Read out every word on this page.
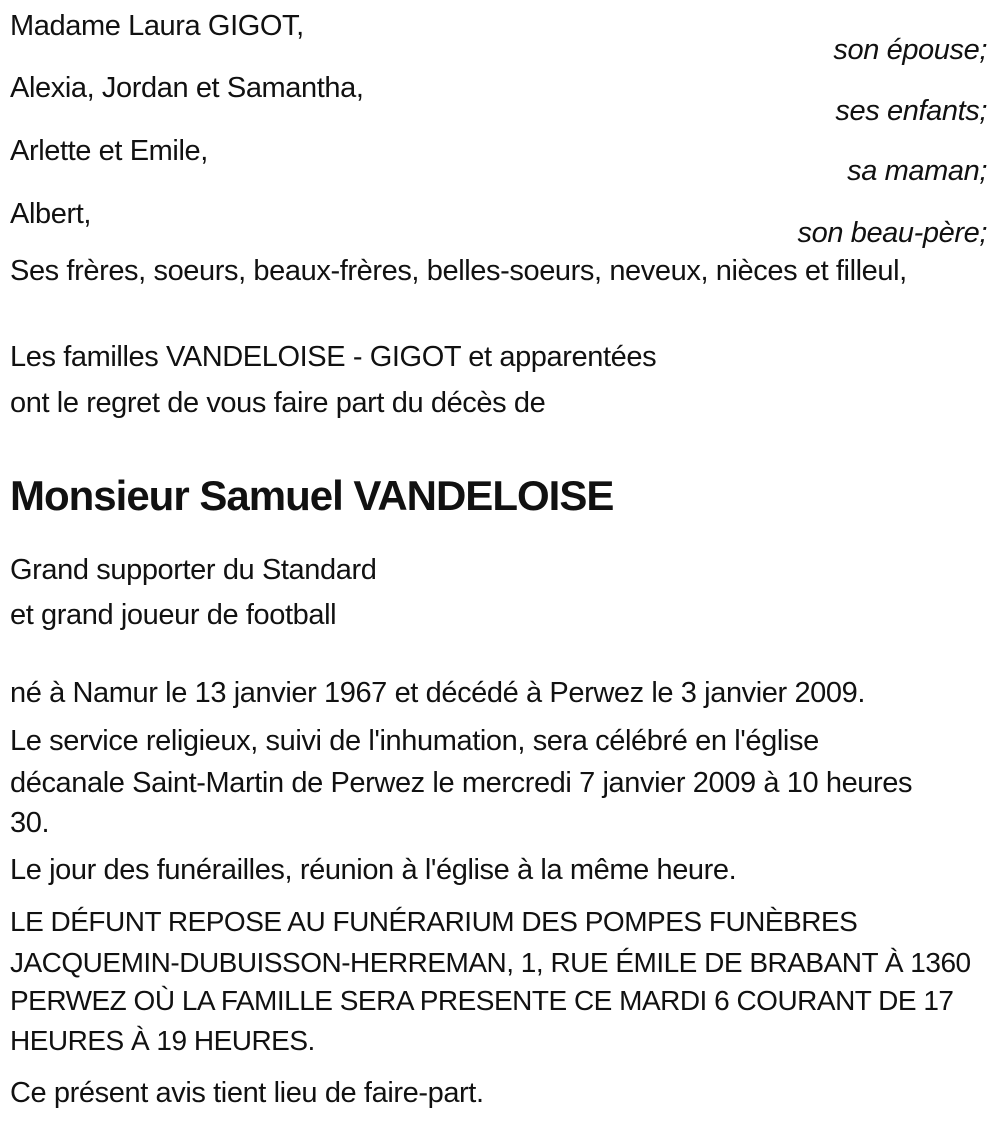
Madame Laura GIGOT,

son épouse;

Alexia, Jordan et Samantha,

ses enfants;

Arlette et Emile,

sa maman;

Albert,

son beau-père;

Ses frères, soeurs, beaux-frères, belles-soeurs, neveux, nièces et filleul,

Les familles VANDELOISE - GIGOT et apparentées

ont le regret de vous faire part du décès de

Monsieur Samuel VANDELOISE

Grand supporter du Standard

et grand joueur de football

né à Namur le 13 janvier 1967 et décédé à Perwez le 3 janvier 2009.

Le service religieux, suivi de l'inhumation, sera célébré en l'église

décanale Saint-Martin de Perwez le mercredi 7 janvier 2009 à 10 heures

30.

Le jour des funérailles, réunion à l'église à la même heure.

LE DÉFUNT REPOSE AU FUNÉRARIUM DES POMPES FUNÈBRES

JACQUEMIN-DUBUISSON-HERREMAN, 1, RUE ÉMILE DE BRABANT À 1360

PERWEZ OÙ LA FAMILLE SERA PRESENTE CE MARDI 6 COURANT DE 17

HEURES À 19 HEURES.

Ce présent avis tient lieu de faire-part.
